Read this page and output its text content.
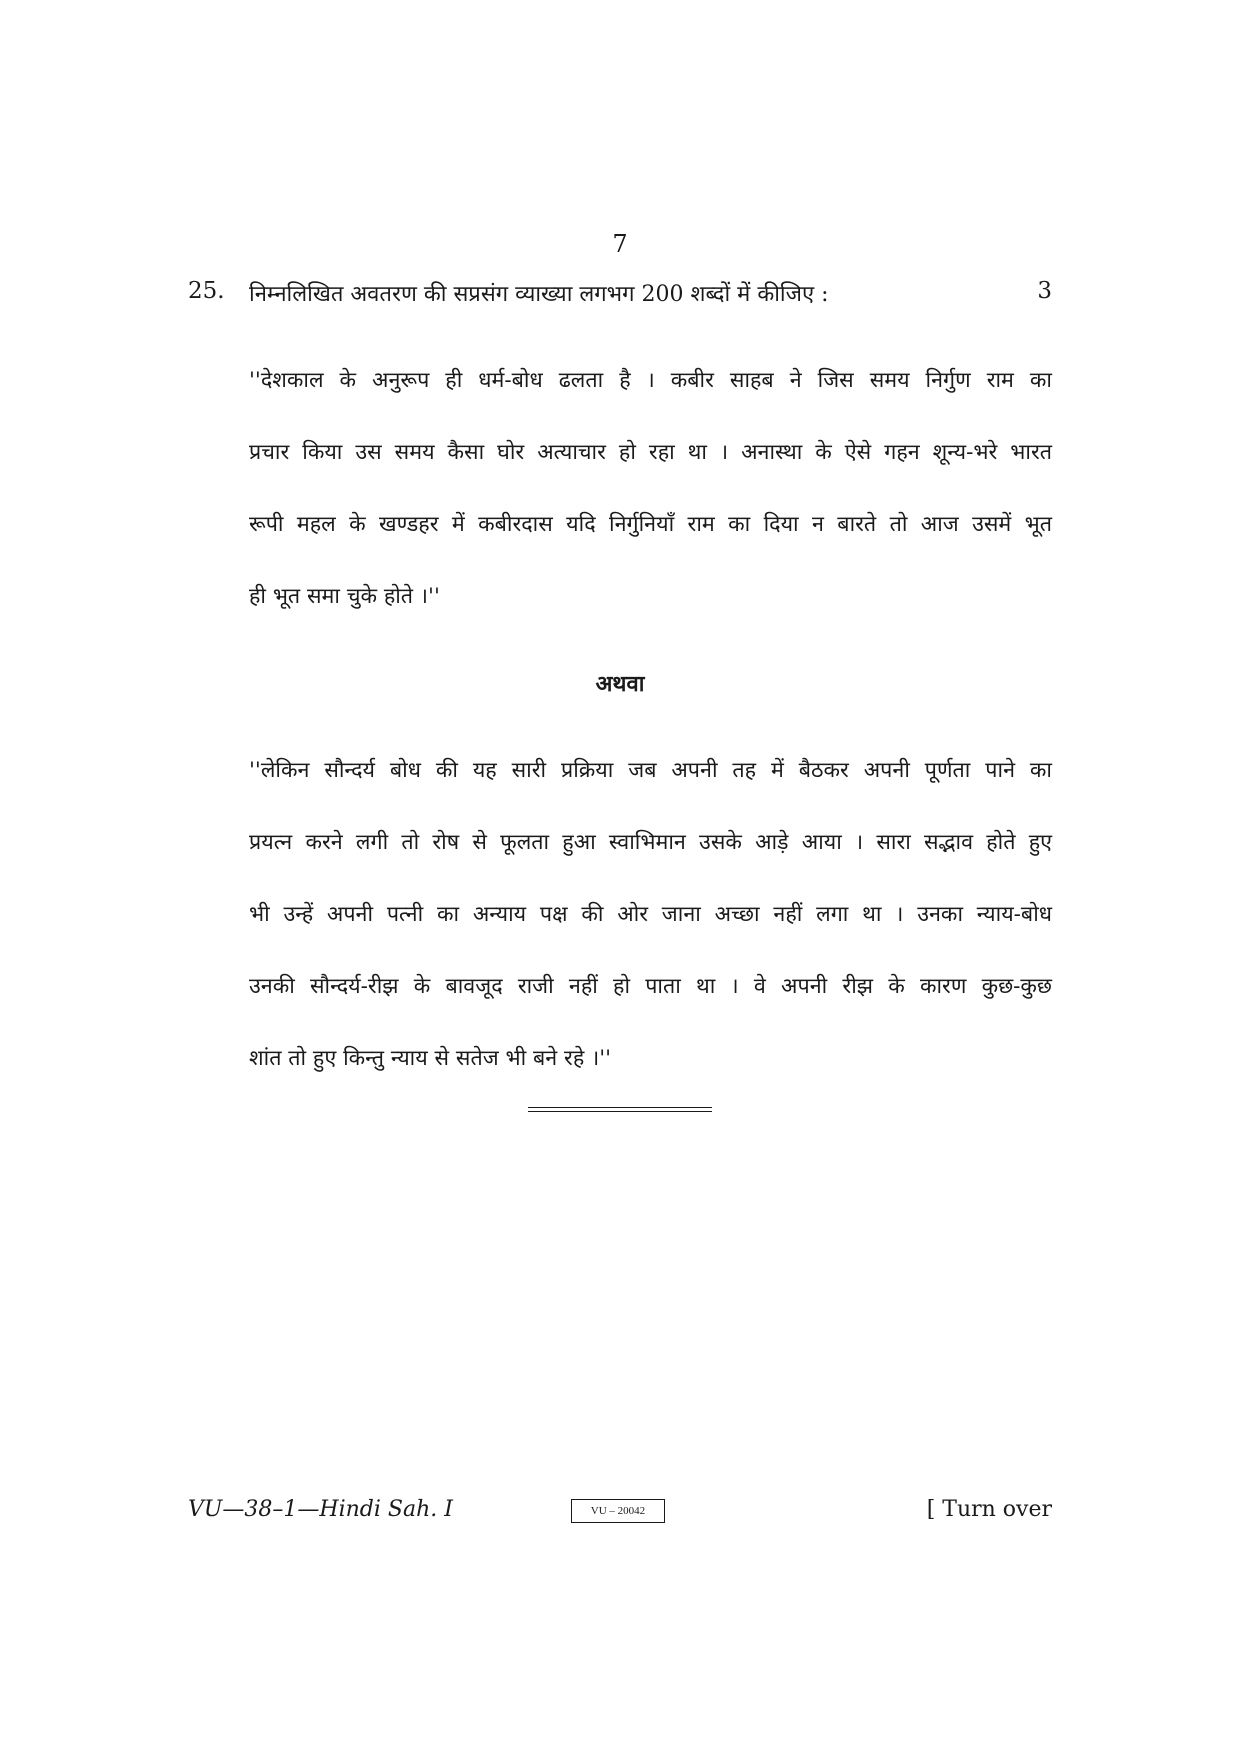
7
25. निम्नलिखित अवतरण की सप्रसंग व्याख्या लगभग 200 शब्दों में कीजिए :	3
''देशकाल के अनुरूप ही धर्म-बोध ढलता है । कबीर साहब ने जिस समय निर्गुण राम का
प्रचार किया उस समय कैसा घोर अत्याचार हो रहा था । अनास्था के ऐसे गहन शून्य-भरे भारत
रूपी महल के खण्डहर में कबीरदास यदि निर्गुनियाँ राम का दिया न बारते तो आज उसमें भूत
ही भूत समा चुके होते ।''
अथवा
''लेकिन सौन्दर्य बोध की यह सारी प्रक्रिया जब अपनी तह में बैठकर अपनी पूर्णता पाने का
प्रयत्न करने लगी तो रोष से फूलता हुआ स्वाभिमान उसके आड़े आया । सारा सद्भाव होते हुए
भी उन्हें अपनी पत्नी का अन्याय पक्ष की ओर जाना अच्छा नहीं लगा था । उनका न्याय-बोध
उनकी सौन्दर्य-रीझ के बावजूद राजी नहीं हो पाता था । वे अपनी रीझ के कारण कुछ-कुछ
शांत तो हुए किन्तु न्याय से सतेज भी बने रहे ।''
VU—38–1—Hindi Sah. I	VU – 20042	[ Turn over
